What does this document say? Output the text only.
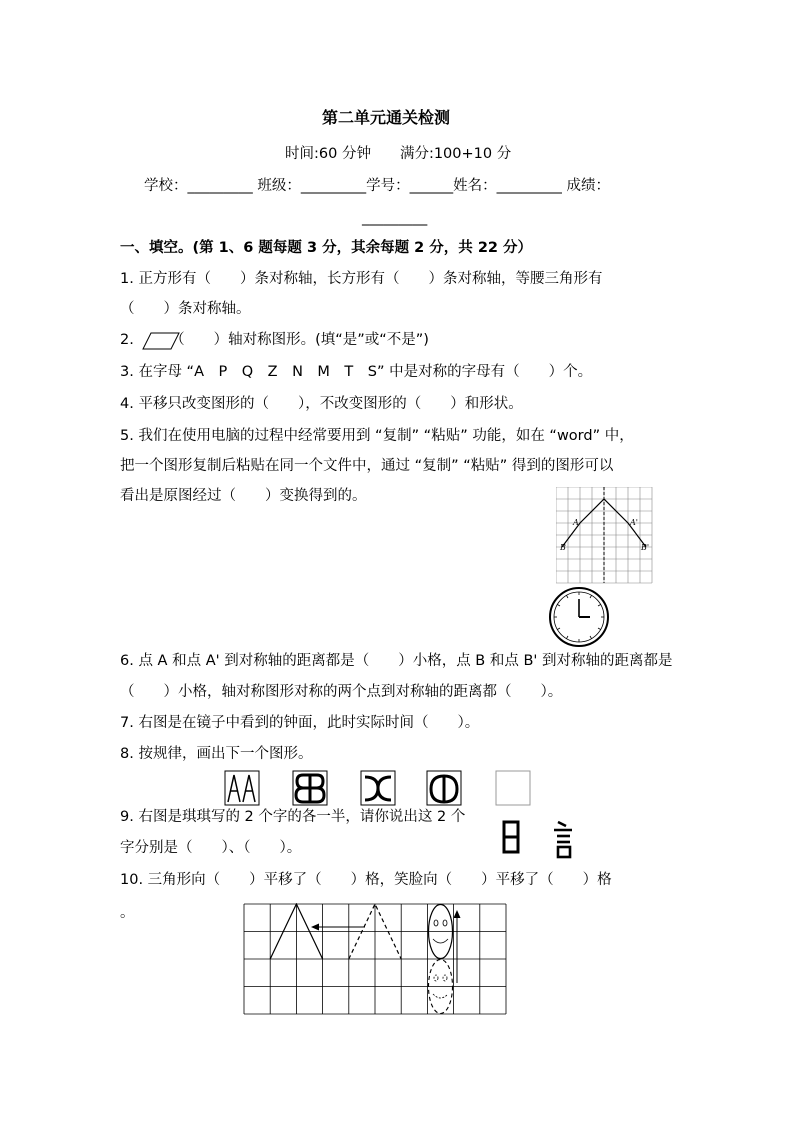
第二单元通关检测
时间:60 分钟　　满分:100+10 分
学校：_________ 班级：_________学号：______姓名：_________ 成绩：
_________
一、填空。(第 1、6 题每题 3 分，其余每题 2 分，共 22 分）
1. 正方形有（　　）条对称轴，长方形有（　　）条对称轴，等腰三角形有
（　　）条对称轴。
2.　　　（　　）轴对称图形。(填“是”或“不是”)
3. 在字母 “A　P　Q　Z　N　M　T　S” 中是对称的字母有（　　）个。
4. 平移只改变图形的（　　），不改变图形的（　　）和形状。
5. 我们在使用电脑的过程中经常要用到 “复制” “粘贴” 功能，如在 “word” 中，
把一个图形复制后粘贴在同一个文件中，通过 “复制” “粘贴” 得到的图形可以
看出是原图经过（　　）变换得到的。
A	A'
B	B'
6. 点 A 和点 A' 到对称轴的距离都是（　　）小格，点 B 和点 B' 到对称轴的距离都是
（　　）小格，轴对称图形对称的两个点到对称轴的距离都（　　）。
7. 右图是在镜子中看到的钟面，此时实际时间（　　）。
8. 按规律，画出下一个图形。
9. 右图是琪琪写的 2 个字的各一半，请你说出这 2 个
字分别是（　　）、（　　）。
10. 三角形向（　　）平移了（　　）格，笑脸向（　　）平移了（　　）格
。
